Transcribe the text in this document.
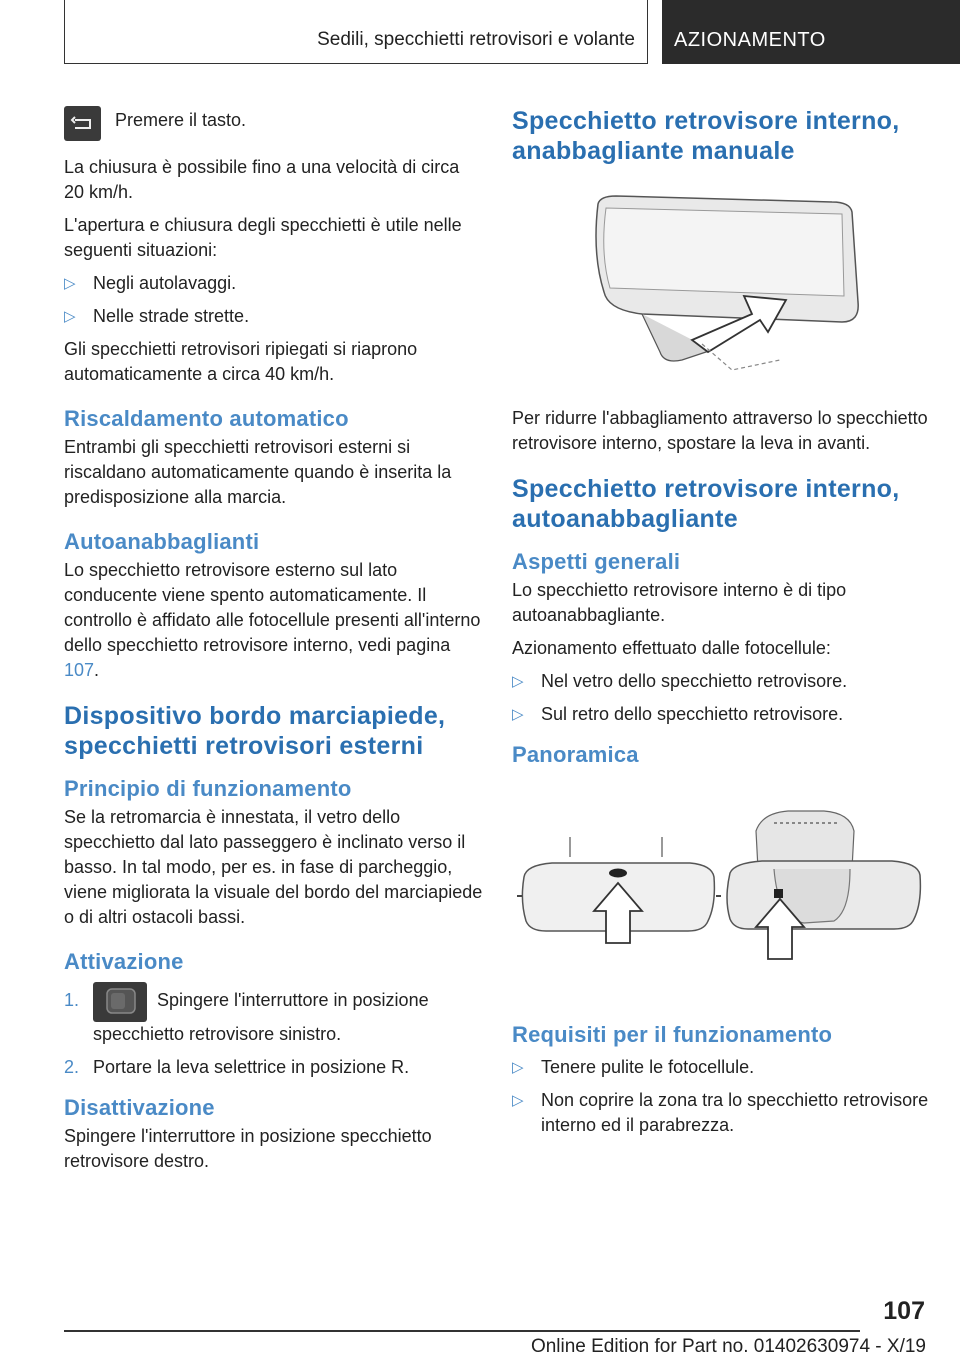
Sedili, specchietti retrovisori e volante AZIONAMENTO
Premere il tasto.

La chiusura è possibile fino a una velocità di circa 20 km/h.

L'apertura e chiusura degli specchietti è utile nelle seguenti situazioni:

▷ Negli autolavaggi.
▷ Nelle strade strette.

Gli specchietti retrovisori ripiegati si riaprono automaticamente a circa 40 km/h.

Riscaldamento automatico

Entrambi gli specchietti retrovisori esterni si riscaldano automaticamente quando è inserita la predisposizione alla marcia.

Autoanabbaglianti

Lo specchietto retrovisore esterno sul lato conducente viene spento automaticamente. Il controllo è affidato alle fotocellule presenti all'interno dello specchietto retrovisore interno, vedi pagina 107.

Dispositivo bordo marciapiede, specchietti retrovisori esterni
Principio di funzionamento

Se la retromarcia è innestata, il vetro dello specchietto dal lato passeggero è inclinato verso il basso. In tal modo, per es. in fase di parcheggio, viene migliorata la visuale del bordo del marciapiede o di altri ostacoli bassi.

Attivazione
1.	Spingere l'interruttore in posizione specchietto retrovisore sinistro.
2. Portare la leva selettrice in posizione R.
Disattivazione

Spingere l'interruttore in posizione specchietto retrovisore destro.

Specchietto retrovisore interno, anabbagliante manuale

Per ridurre l'abbagliamento attraverso lo specchietto retrovisore interno, spostare la leva in avanti.

Specchietto retrovisore interno, autoanabbagliante
Aspetti generali

Lo specchietto retrovisore interno è di tipo autoanabbagliante.

Azionamento effettuato dalle fotocellule:

▷ Nel vetro dello specchietto retrovisore.
▷ Sul retro dello specchietto retrovisore.
Panoramica
Requisiti per il funzionamento
▷ Tenere pulite le fotocellule.
▷ Non coprire la zona tra lo specchietto retrovisore interno ed il parabrezza.
107
Online Edition for Part no. 01402630974 - X/19
